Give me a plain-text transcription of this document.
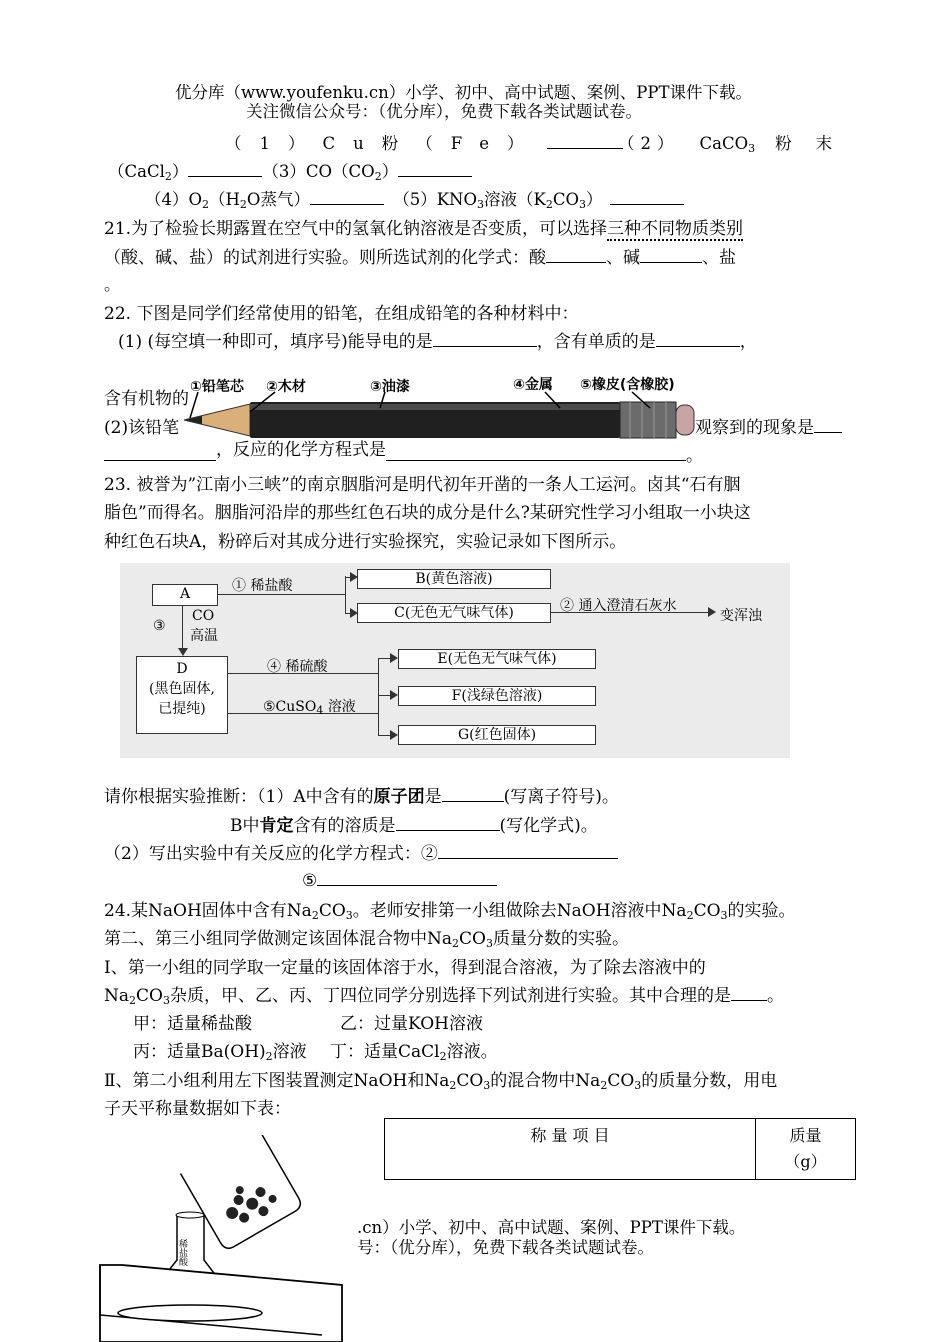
优分库（www.youfenku.cn）小学、初中、高中试题、案例、PPT课件下载。
关注微信公众号：（优分库），免费下载各类试题试卷。
（1）Cu粉（Fe）	（2） CaCO$_3$ 粉末
（CaCl$_2$）	$(3)CO(CO_2)$
$(4)O_2(H_2O$蒸气）	$(5)KNO_3$溶液$(K_2CO_3)$
21.为了检验长期露置在空气中的氢氧化钠溶液是否变质，可以选择三种不同物质类别
（酸、碱、盐）的试剂进行实验。则所选试剂的化学式：酸	、碱	、盐
。
22. 下图是同学们经常使用的铅笔，在组成铅笔的各种材料中：
(1) (每空填一种即可，填序号)能导电的是	，含有单质的是	，
含有机物的
(2)该铅笔	观察到的现象是
，反应的化学方程式是	。
①铅笔芯 ②木材	③油漆	④金属 ⑤橡皮(含橡胶)
23. 被誉为”江南小三峡”的南京胭脂河是明代初年开凿的一条人工运河。卤其“石有胭
脂色”而得名。胭脂河沿岸的那些红色石块的成分是什么?某研究性学习小组取一小块这
种红色石块A，粉碎后对其成分进行实验探究，实验记录如下图所示。
A	① 稀盐酸	B(黄色溶液)
C(无色无气味气体)	② 通入澄清石灰水
变浑浊
③
CO
高温
D
(黑色固体,
已提纯)
④ 稀硫酸
⑤CuSO$_4$ 溶液
E(无色无气味气体)
F(浅绿色溶液)
G(红色固体)
请你根据实验推断：（1）A中含有的原子团是	(写离子符号)。
B中肯定含有的溶质是	(写化学式)。
（2）写出实验中有关反应的化学方程式：②
⑤
24.某NaOH固体中含有$Na_2CO_3$。老师安排第一小组做除去NaOH溶液中$Na_2CO_3$的实验。
第二、第三小组同学做测定该固体混合物中$Na_2CO_3$质量分数的实验。
Ⅰ、第一小组的同学取一定量的该固体溶于水，得到混合溶液，为了除去溶液中的
$Na_2CO_3$杂质，甲、乙、丙、丁四位同学分别选择下列试剂进行实验。其中合理的是 。
甲：适量稀盐酸	乙：过量KOH溶液
丙：适量$Ba(OH)_2$溶液 丁：适量CaCl$_2$溶液。
Ⅱ、第二小组利用左下图装置测定NaOH和$Na_2CO_3$的混合物中$Na_2CO_3$的质量分数，用电
子天平称量数据如下表：
称 量 项 目	质量
（g）
.cn）小学、初中、高中试题、案例、PPT课件下载。
号：（优分库），免费下载各类试题试卷。
稀盐酸
